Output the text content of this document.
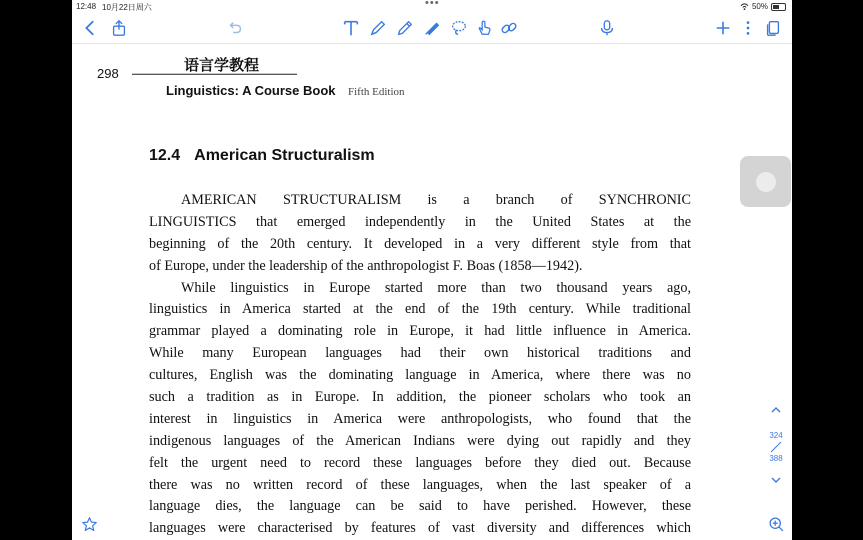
12:48 10月22日周六	•••	50%
298	语言学教程
Linguistics: A Course Book Fifth Edition
12.4 American Structuralism
AMERICAN STRUCTURALISM is a branch of SYNCHRONIC
LINGUISTICS that emerged independently in the United States at the
beginning of the 20th century. It developed in a very different style from that
of Europe, under the leadership of the anthropologist F. Boas (1858—1942).
While linguistics in Europe started more than two thousand years ago,
linguistics in America started at the end of the 19th century. While traditional
grammar played a dominating role in Europe, it had little influence in America.
While many European languages had their own historical traditions and
cultures, English was the dominating language in America, where there was no
such a tradition as in Europe. In addition, the pioneer scholars who took an
interest in linguistics in America were anthropologists, who found that the
indigenous languages of the American Indians were dying out rapidly and they
felt the urgent need to record these languages before they died out. Because
there was no written record of these languages, when the last speaker of a
language dies, the language can be said to have perished. However, these
languages were characterised by features of vast diversity and differences which
324
388
